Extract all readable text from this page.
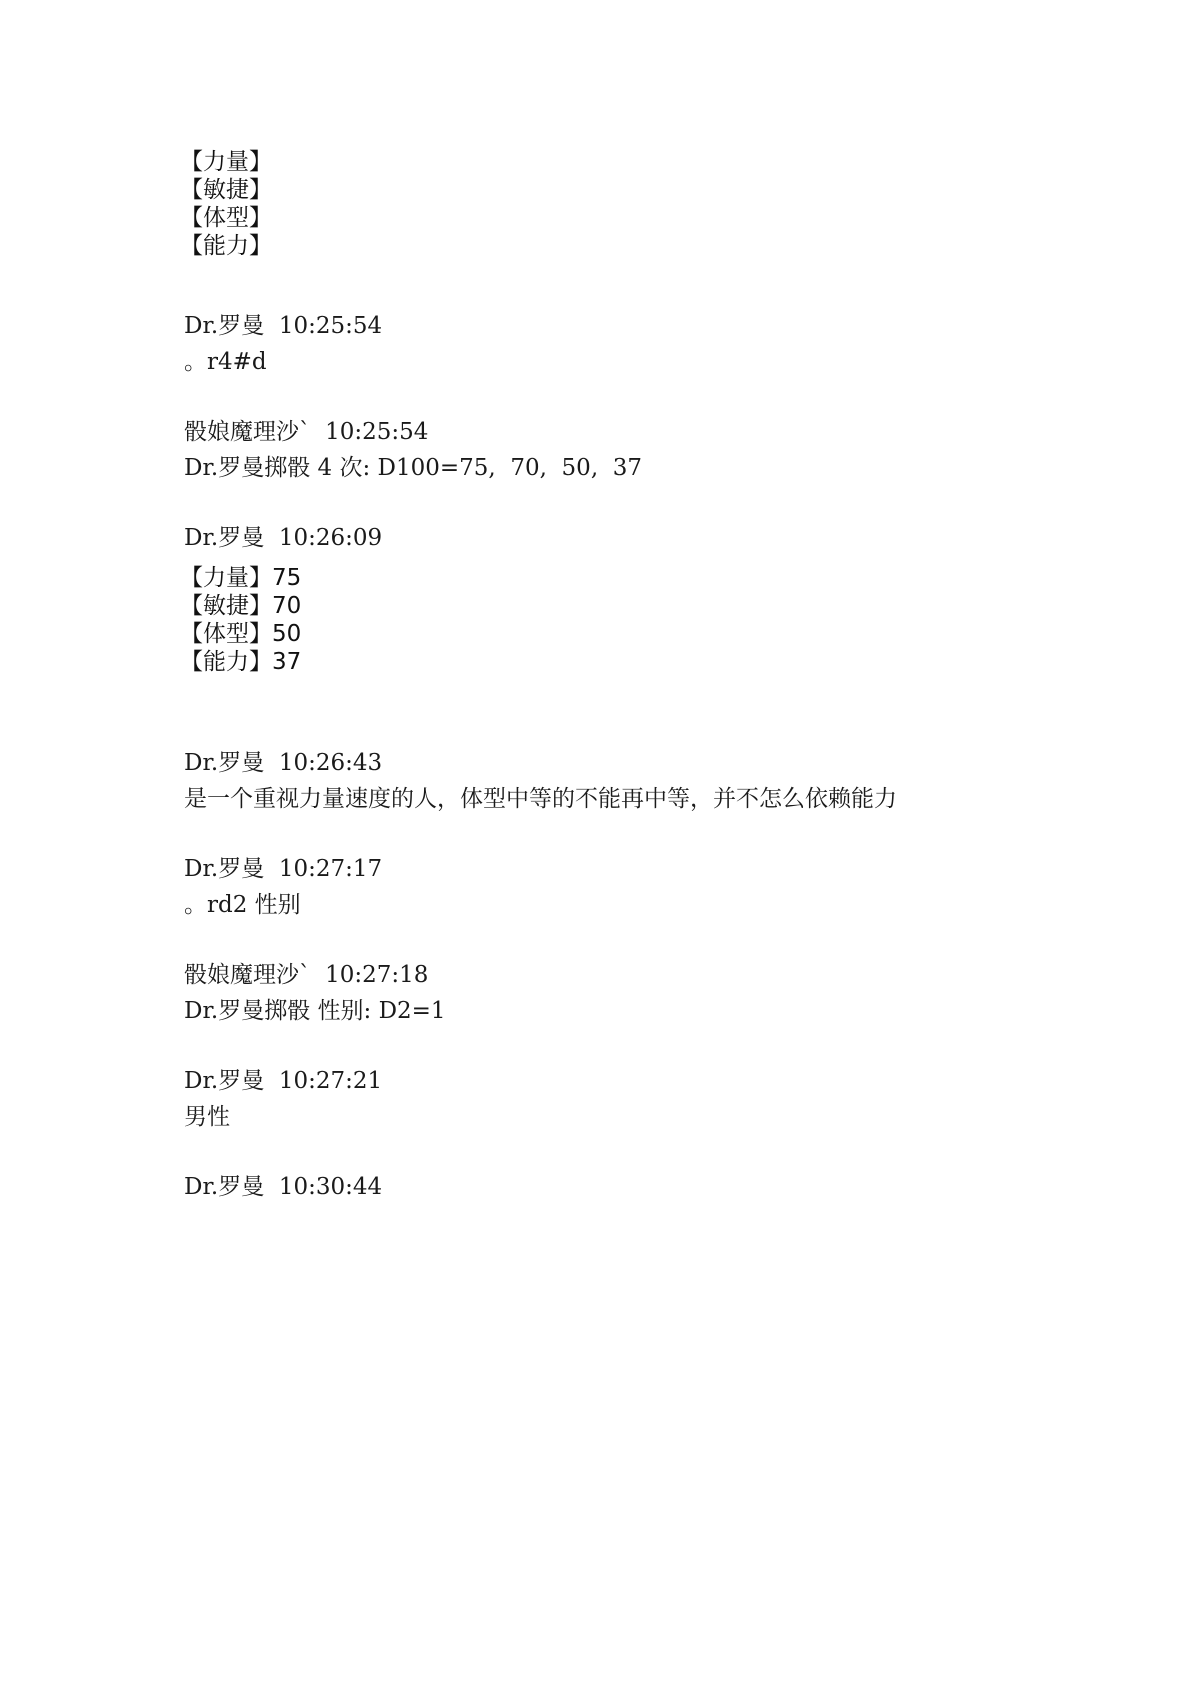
【力量】
【敏捷】
【体型】
【能力】
Dr.罗曼  10:25:54
。r4#d
骰娘魔理沙`  10:25:54
Dr.罗曼掷骰 4 次: D100=75,  70,  50,  37
Dr.罗曼  10:26:09
【力量】75
【敏捷】70
【体型】50
【能力】37
Dr.罗曼  10:26:43
是一个重视力量速度的人，体型中等的不能再中等，并不怎么依赖能力
Dr.罗曼  10:27:17
。rd2 性别
骰娘魔理沙`  10:27:18
Dr.罗曼掷骰 性别: D2=1
Dr.罗曼  10:27:21
男性
Dr.罗曼  10:30:44
